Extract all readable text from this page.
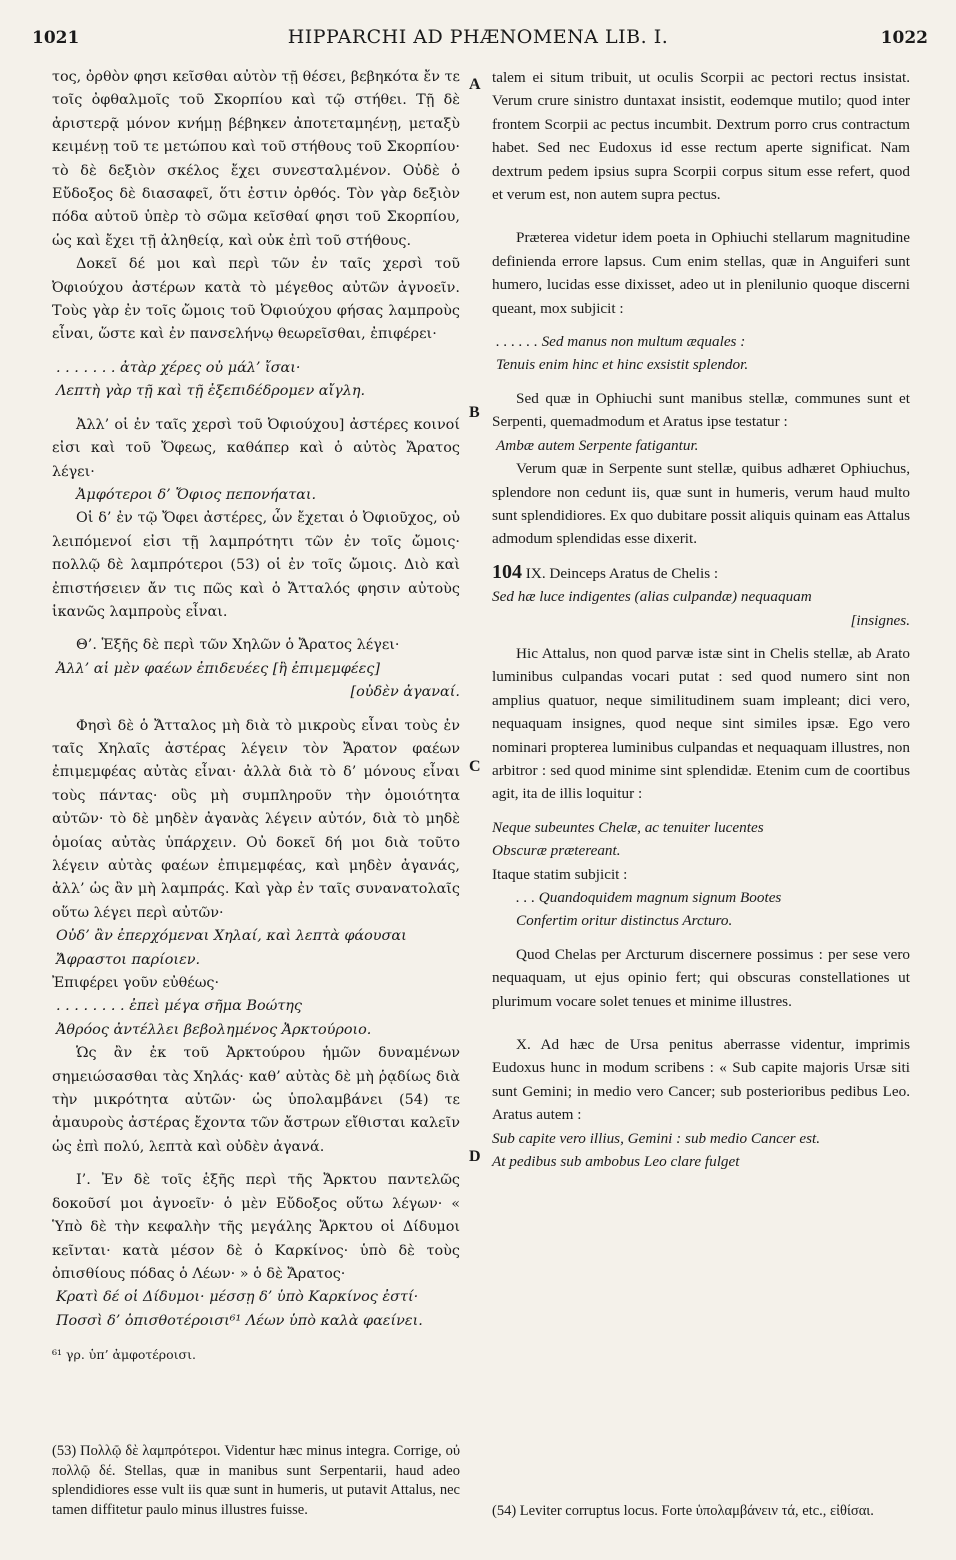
1021	HIPPARCHI AD PHÆNOMENA LIB. I.	1022
A
B
C
D

τος, ὀρθὸν φησι κεῖσθαι αὐτὸν τῇ θέσει, βεβηκότα ἔν τε τοῖς ὀφθαλμοῖς τοῦ Σκορπίου καὶ τῷ στήθει. Τῇ δὲ ἀριστερᾷ μόνον κνήμῃ βέβηκεν ἀποτεταμηένῃ, μεταξὺ κειμένῃ τοῦ τε μετώπου καὶ τοῦ στήθους τοῦ Σκορπίου· τὸ δὲ δεξιὸν σκέλος ἔχει συνεσταλμένον. Οὐδὲ ὁ Εὔδοξος δὲ διασαφεῖ, ὅτι ἐστιν ὀρθός. Τὸν γὰρ δεξιὸν πόδα αὐτοῦ ὑπὲρ τὸ σῶμα κεῖσθαί φησι τοῦ Σκορπίου, ὡς καὶ ἔχει τῇ ἀληθείᾳ, καὶ οὐκ ἐπὶ τοῦ στήθους.

Δοκεῖ δέ μοι καὶ περὶ τῶν ἐν ταῖς χερσὶ τοῦ Ὀφιούχου ἀστέρων κατὰ τὸ μέγεθος αὐτῶν ἀγνοεῖν. Τοὺς γὰρ ἐν τοῖς ὤμοις τοῦ Ὀφιούχου φήσας λαμπροὺς εἶναι, ὥστε καὶ ἐν πανσελήνῳ θεωρεῖσθαι, ἐπιφέρει·

. . . . . . . ἀτὰρ χέρες οὐ μάλ’ ἴσαι·

Λεπτὴ γὰρ τῇ καὶ τῇ ἐξεπιδέδρομεν αἴγλη.

Ἀλλ’ οἱ ἐν ταῖς χερσὶ τοῦ Ὀφιούχου] ἀστέρες κοινοί εἰσι καὶ τοῦ Ὄφεως, καθάπερ καὶ ὁ αὐτὸς Ἄρατος λέγει·

Ἀμφότεροι δ’ Ὄφιος πεπονήαται.

Οἱ δ’ ἐν τῷ Ὄφει ἀστέρες, ὧν ἔχεται ὁ Ὀφιοῦχος, οὐ λειπόμενοί εἰσι τῇ λαμπρότητι τῶν ἐν τοῖς ὤμοις· πολλῷ δὲ λαμπρότεροι (53) οἱ ἐν τοῖς ὤμοις. Διὸ καὶ ἐπιστήσειεν ἄν τις πῶς καὶ ὁ Ἄτταλός φησιν αὐτοὺς ἱκανῶς λαμπροὺς εἶναι.

Θ’. Ἑξῆς δὲ περὶ τῶν Χηλῶν ὁ Ἄρατος λέγει·

Ἀλλ’ αἱ μὲν φαέων ἐπιδευέες [ἢ ἐπιμεμφέες]

[οὐδὲν ἀγαναί.

Φησὶ δὲ ὁ Ἄτταλος μὴ διὰ τὸ μικροὺς εἶναι τοὺς ἐν ταῖς Χηλαῖς ἀστέρας λέγειν τὸν Ἄρατον φαέων ἐπιμεμφέας αὐτὰς εἶναι· ἀλλὰ διὰ τὸ δ’ μόνους εἶναι τοὺς πάντας· οὓς μὴ συμπληροῦν τὴν ὁμοιότητα αὐτῶν· τὸ δὲ μηδὲν ἀγανὰς λέγειν αὐτόν, διὰ τὸ μηδὲ ὁμοίας αὐτὰς ὑπάρχειν. Οὐ δοκεῖ δή μοι διὰ τοῦτο λέγειν αὐτὰς φαέων ἐπιμεμφέας, καὶ μηδὲν ἀγανάς, ἀλλ’ ὡς ἂν μὴ λαμπράς. Καὶ γὰρ ἐν ταῖς συνανατολαῖς οὕτω λέγει περὶ αὐτῶν·

Οὐδ’ ἂν ἐπερχόμεναι Χηλαί, καὶ λεπτὰ φάουσαι

Ἄφραστοι παρίοιεν.

Ἐπιφέρει γοῦν εὐθέως·

. . . . . . . . ἐπεὶ μέγα σῆμα Βοώτης

Ἀθρόος ἀντέλλει βεβολημένος Ἀρκτούροιο.

Ὡς ἂν ἐκ τοῦ Ἀρκτούρου ἡμῶν δυναμένων σημειώσασθαι τὰς Χηλάς· καθ’ αὐτὰς δὲ μὴ ῥᾳδίως διὰ τὴν μικρότητα αὐτῶν· ὡς ὑπολαμβάνει (54) τε ἀμαυροὺς ἀστέρας ἔχοντα τῶν ἄστρων εἴθισται καλεῖν ὡς ἐπὶ πολύ, λεπτὰ καὶ οὐδὲν ἀγανά.

Ι’. Ἐν δὲ τοῖς ἑξῆς περὶ τῆς Ἄρκτου παντελῶς δοκοῦσί μοι ἀγνοεῖν· ὁ μὲν Εὔδοξος οὕτω λέγων· « Ὑπὸ δὲ τὴν κεφαλὴν τῆς μεγάλης Ἄρκτου οἱ Δίδυμοι κεῖνται· κατὰ μέσον δὲ ὁ Καρκίνος· ὑπὸ δὲ τοὺς ὀπισθίους πόδας ὁ Λέων· » ὁ δὲ Ἄρατος·

Κρατὶ δέ οἱ Δίδυμοι· μέσσῃ δ’ ὑπὸ Καρκίνος ἐστί·

Ποσσὶ δ’ ὀπισθοτέροισι⁶¹ Λέων ὑπὸ καλὰ φαείνει.

⁶¹ γρ. ὑπ’ ἀμφοτέροισι.

talem ei situm tribuit, ut oculis Scorpii ac pectori rectus insistat. Verum crure sinistro duntaxat insistit, eodemque mutilo; quod inter frontem Scorpii ac pectus incumbit. Dextrum porro crus contractum habet. Sed nec Eudoxus id esse rectum aperte significat. Nam dextrum pedem ipsius supra Scorpii corpus situm esse refert, quod et verum est, non autem supra pectus.

Præterea videtur idem poeta in Ophiuchi stellarum magnitudine definienda errore lapsus. Cum enim stellas, quæ in Anguiferi sunt humero, lucidas esse dixisset, adeo ut in plenilunio quoque discerni queant, mox subjicit :

. . . . . . Sed manus non multum æquales :

Tenuis enim hinc et hinc exsistit splendor.

Sed quæ in Ophiuchi sunt manibus stellæ, communes sunt et Serpenti, quemadmodum et Aratus ipse testatur :

Ambæ autem Serpente fatigantur.

Verum quæ in Serpente sunt stellæ, quibus adhæret Ophiuchus, splendore non cedunt iis, quæ sunt in humeris, verum haud multo sunt splendidiores. Ex quo dubitare possit aliquis quinam eas Attalus admodum splendidas esse dixerit.

104 IX. Deinceps Aratus de Chelis :

Sed hæ luce indigentes (alias culpandæ) nequaquam

[insignes.

Hic Attalus, non quod parvæ istæ sint in Chelis stellæ, ab Arato luminibus culpandas vocari putat : sed quod numero sint non amplius quatuor, neque similitudinem suam impleant; dici vero, nequaquam insignes, quod neque sint similes ipsæ. Ego vero nominari propterea luminibus culpandas et nequaquam illustres, non arbitror : sed quod minime sint splendidæ. Etenim cum de coortibus agit, ita de illis loquitur :

Neque subeuntes Chelæ, ac tenuiter lucentes

Obscuræ prætereant.

Itaque statim subjicit :

. . . Quandoquidem magnum signum Bootes

Confertim oritur distinctus Arcturo.

Quod Chelas per Arcturum discernere possimus : per sese vero nequaquam, ut ejus opinio fert; qui obscuras constellationes ut plurimum vocare solet tenues et minime illustres.

X. Ad hæc de Ursa penitus aberrasse videntur, imprimis Eudoxus hunc in modum scribens : « Sub capite majoris Ursæ siti sunt Gemini; in medio vero Cancer; sub posterioribus pedibus Leo. Aratus autem :

Sub capite vero illius, Gemini : sub medio Cancer est.

At pedibus sub ambobus Leo clare fulget

(53) Πολλῷ δὲ λαμπρότεροι. Videntur hæc minus integra. Corrige, οὐ πολλῷ δέ. Stellas, quæ in manibus sunt Serpentarii, haud adeo splendidiores esse vult iis quæ sunt in humeris, ut putavit Attalus, nec tamen diffitetur paulo minus illustres fuisse.	(54) Leviter corruptus locus. Forte ὑπολαμβάνειν τά, etc., εἰθίσαι.
